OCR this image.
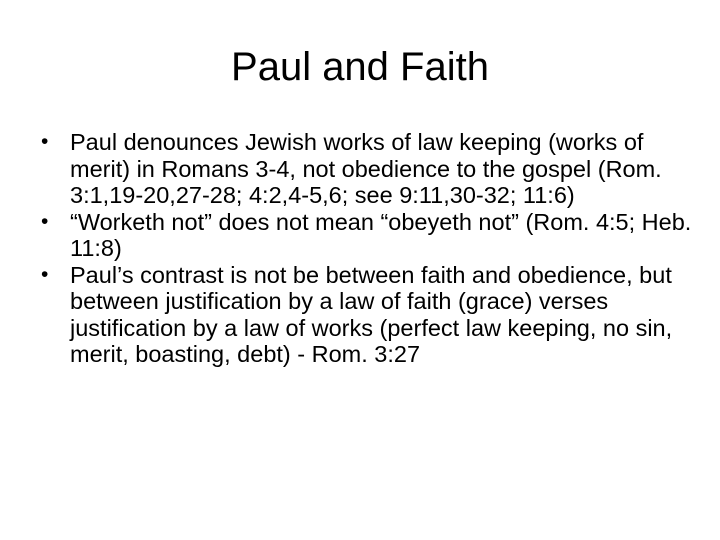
Paul and Faith
• Paul denounces Jewish works of law keeping (works of merit) in Romans 3-4, not obedience to the gospel (Rom. 3:1,19-20,27-28; 4:2,4-5,6; see 9:11,30-32; 11:6)
• “Worketh not” does not mean “obeyeth not” (Rom. 4:5; Heb. 11:8)
• Paul’s contrast is not be between faith and obedience, but between justification by a law of faith (grace) verses justification by a law of works (perfect law keeping, no sin, merit, boasting, debt) - Rom. 3:27
